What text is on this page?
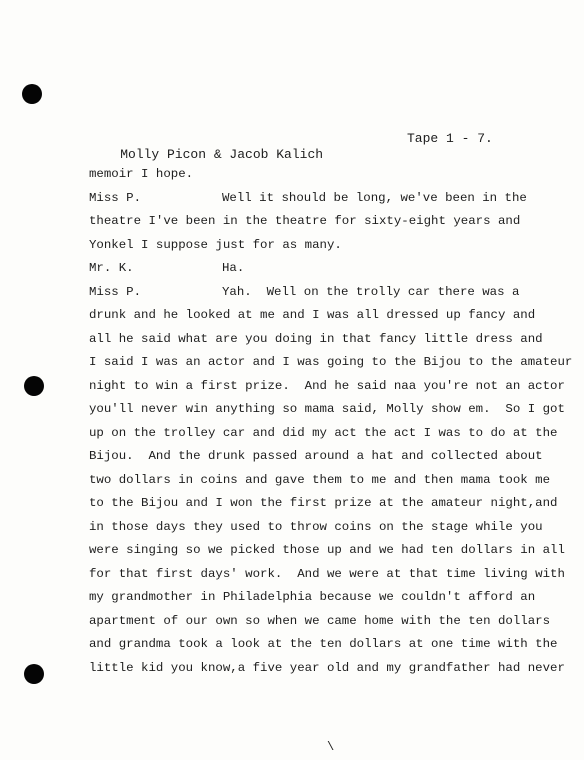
Molly Picon & Jacob Kalich

Tape 1 - 7.

memoir I hope.
Miss P.	Well it should be long, we've been in the
theatre I've been in the theatre for sixty-eight years and
Yonkel I suppose just for as many.
Mr. K.	Ha.
Miss P.	Yah.  Well on the trolly car there was a
drunk and he looked at me and I was all dressed up fancy and
all he said what are you doing in that fancy little dress and
I said I was an actor and I was going to the Bijou to the amateur
night to win a first prize.  And he said naa you're not an actor
you'll never win anything so mama said, Molly show em.  So I got
up on the trolley car and did my act the act I was to do at the
Bijou.  And the drunk passed around a hat and collected about
two dollars in coins and gave them to me and then mama took me
to the Bijou and I won the first prize at the amateur night,and
in those days they used to throw coins on the stage while you
were singing so we picked those up and we had ten dollars in all
for that first days' work.  And we were at that time living with
my grandmother in Philadelphia because we couldn't afford an
apartment of our own so when we came home with the ten dollars
and grandma took a look at the ten dollars at one time with the
little kid you know,a five year old and my grandfather had never
\
